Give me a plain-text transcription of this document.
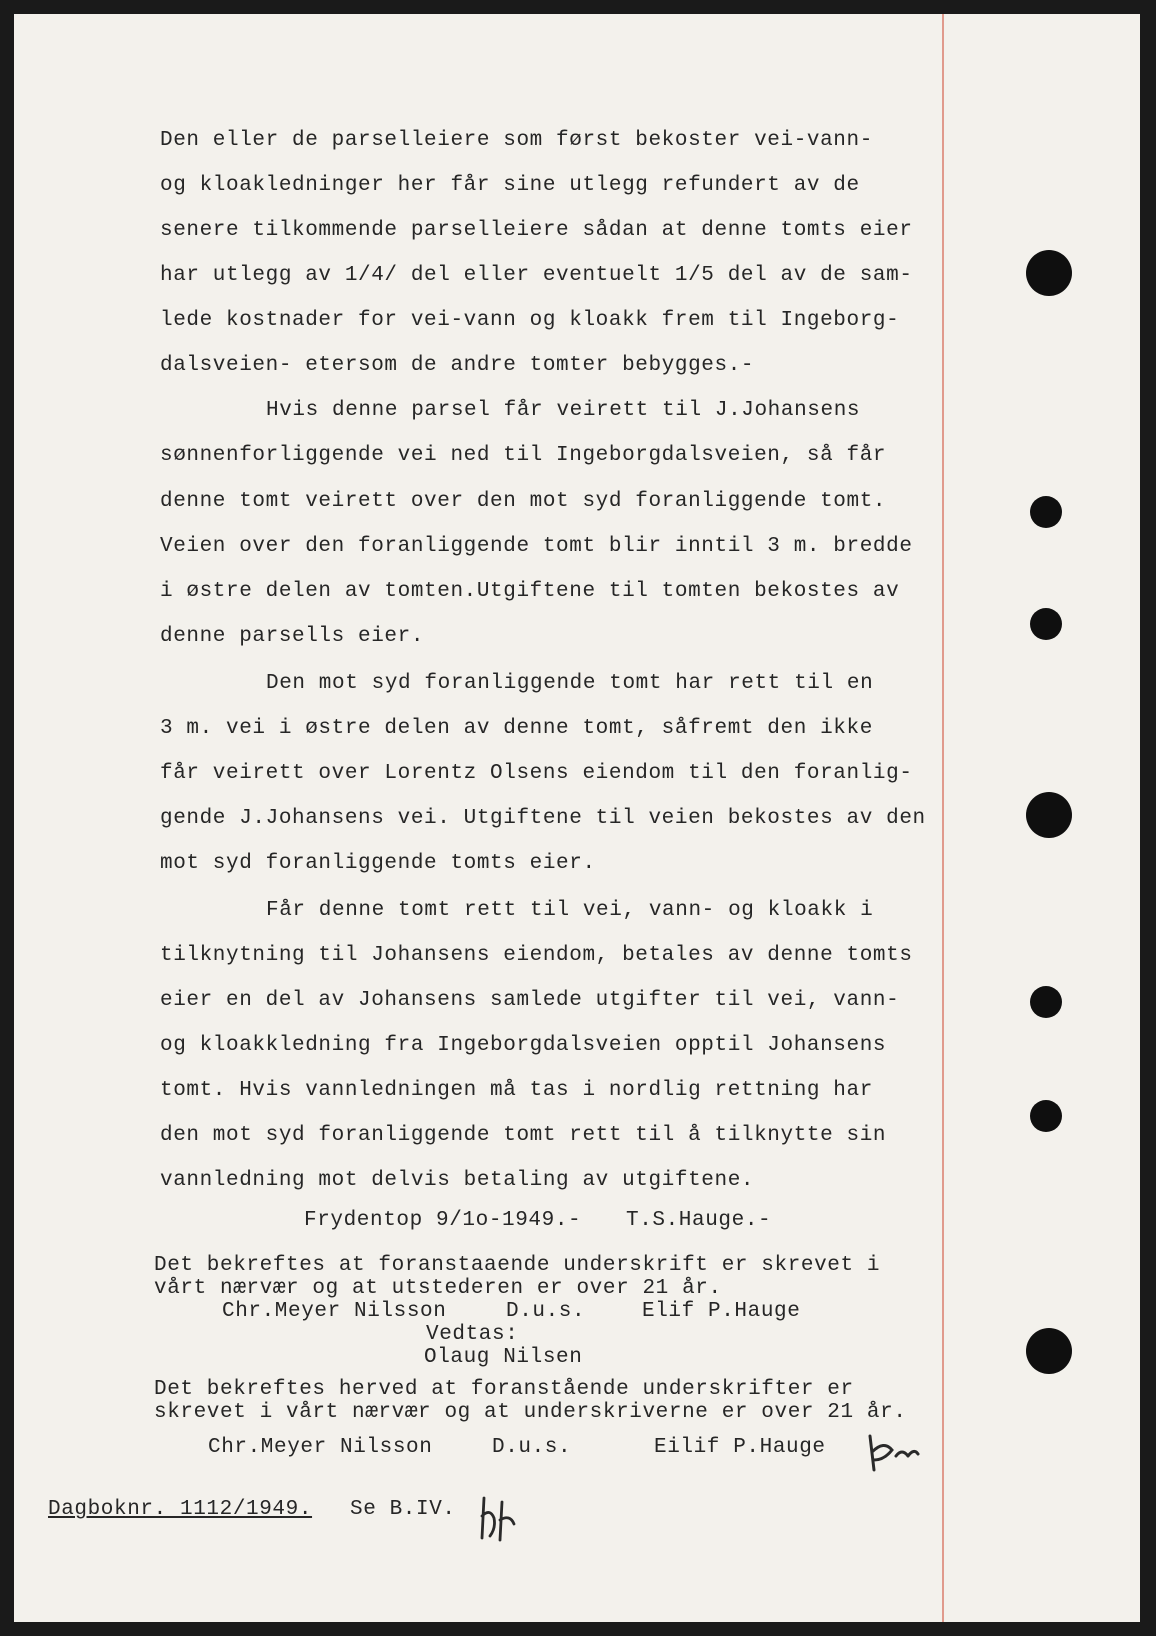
Den eller de parselleiere som først bekoster vei-vann-
og kloakledninger her får sine utlegg refundert av de
senere tilkommende parselleiere sådan at denne tomts eier
har utlegg av 1/4/ del eller eventuelt 1/5 del av de sam-
lede kostnader for vei-vann og kloakk frem til Ingeborg-
dalsveien- etersom de andre tomter bebygges.-
Hvis denne parsel får veirett til J.Johansens
sønnenforliggende vei ned til Ingeborgdalsveien, så får
denne tomt veirett over den mot syd foranliggende tomt.
Veien over den foranliggende tomt blir inntil 3 m. bredde
i østre delen av tomten.Utgiftene til tomten bekostes av
denne parsells eier.
Den mot syd foranliggende tomt har rett til en
3 m. vei i østre delen av denne tomt, såfremt den ikke
får veirett over Lorentz Olsens eiendom til den foranlig-
gende J.Johansens vei. Utgiftene til veien bekostes av den
mot syd foranliggende tomts eier.
Får denne tomt rett til vei, vann- og kloakk i
tilknytning til Johansens eiendom, betales av denne tomts
eier en del av Johansens samlede utgifter til vei, vann-
og kloakkledning fra Ingeborgdalsveien opptil Johansens
tomt. Hvis vannledningen må tas i nordlig rettning har
den mot syd foranliggende tomt rett til å tilknytte sin
vannledning mot delvis betaling av utgiftene.
Frydentop 9/1o-1949.- T.S.Hauge.-
Det bekreftes at foranstaaende underskrift er skrevet i
vårt nærvær og at utstederen er over 21 år.
Chr.Meyer Nilsson	D.u.s.	Elif P.Hauge
Vedtas:
Olaug Nilsen
Det bekreftes herved at foranstående underskrifter er
skrevet i vårt nærvær og at underskriverne er over 21 år.
Chr.Meyer Nilsson	D.u.s.	Eilif P.Hauge
Dagboknr. 1112/1949. Se B.IV.
